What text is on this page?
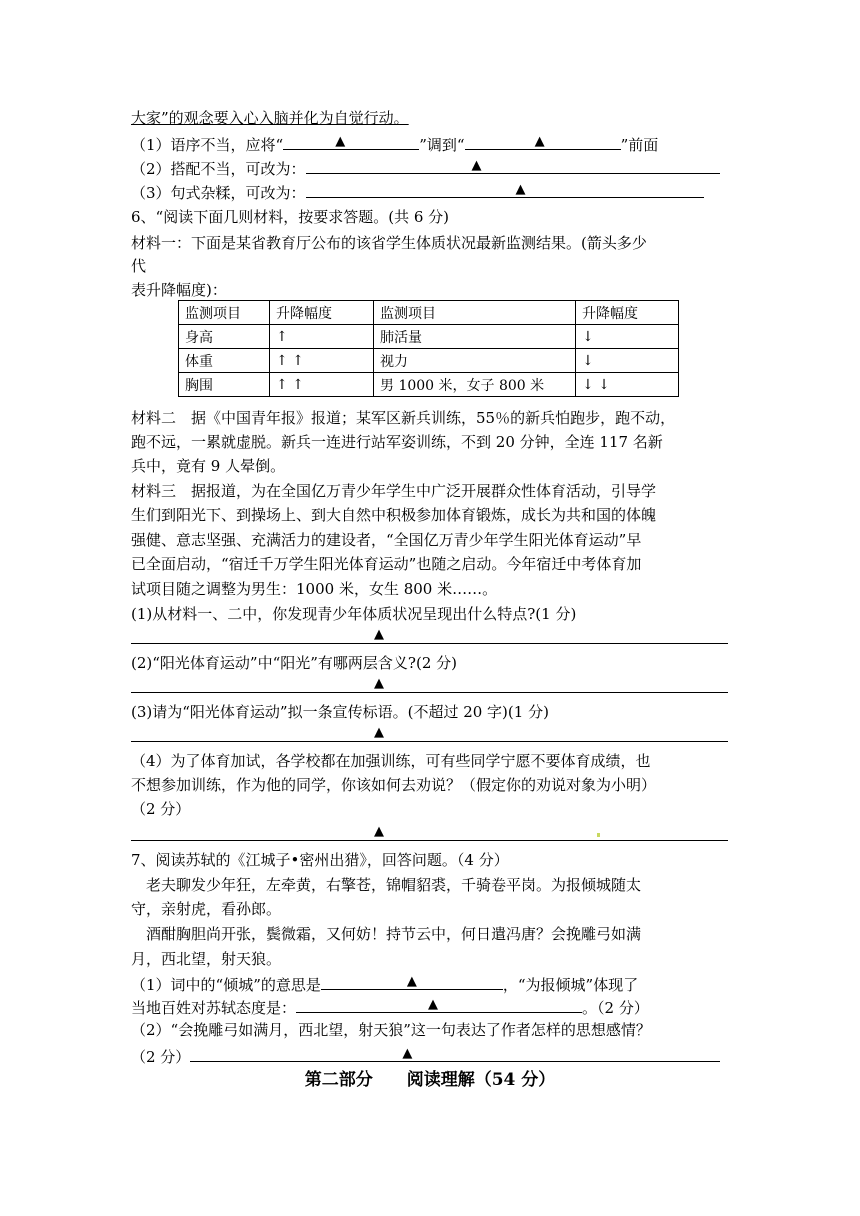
大家”的观念要入心入脑并化为自觉行动。
（1）语序不当，应将“	▲	”调到“	▲	”前面
（2）搭配不当，可改为：	▲
（3）句式杂糅，可改为：	▲
6、“阅读下面几则材料，按要求答题。(共 6 分)
材料一：下面是某省教育厅公布的该省学生体质状况最新监测结果。(箭头多少
代
表升降幅度)：
监测项目	升降幅度	监测项目	升降幅度
身高	↑	肺活量	↓
体重	↑ ↑	视力	↓
胸围	↑ ↑	男 1000 米，女子 800 米	↓ ↓
材料二　据《中国青年报》报道；某军区新兵训练，55％的新兵怕跑步，跑不动，
跑不远，一累就虚脱。新兵一连进行站军姿训练，不到 20 分钟，全连 117 名新
兵中，竟有 9 人晕倒。
材料三　据报道，为在全国亿万青少年学生中广泛开展群众性体育活动，引导学
生们到阳光下、到操场上、到大自然中积极参加体育锻炼，成长为共和国的体魄
强健、意志坚强、充满活力的建设者，“全国亿万青少年学生阳光体育运动”早
已全面启动，“宿迁千万学生阳光体育运动”也随之启动。今年宿迁中考体育加
试项目随之调整为男生：1000 米，女生 800 米……。
(1)从材料一、二中，你发现青少年体质状况呈现出什么特点?(1 分)
▲
(2)“阳光体育运动”中“阳光”有哪两层含义?(2 分)
▲
(3)请为“阳光体育运动”拟一条宣传标语。(不超过 20 字)(1 分)
▲
（4）为了体育加试，各学校都在加强训练，可有些同学宁愿不要体育成绩，也
不想参加训练，作为他的同学，你该如何去劝说？（假定你的劝说对象为小明）
（2 分）
▲
7、阅读苏轼的《江城子•密州出猎》，回答问题。（4 分）
　老夫聊发少年狂，左牵黄，右擎苍，锦帽貂裘，千骑卷平岗。为报倾城随太
守，亲射虎，看孙郎。
　酒酣胸胆尚开张，鬓微霜，又何妨！持节云中，何日遣冯唐？会挽雕弓如满
月，西北望，射天狼。
（1）词中的“倾城”的意思是	▲	，“为报倾城”体现了
当地百姓对苏轼态度是：	▲	。（2 分）
（2）“会挽雕弓如满月，西北望，射天狼”这一句表达了作者怎样的思想感情？
（2 分）	▲
第二部分　　阅读理解（54 分）
